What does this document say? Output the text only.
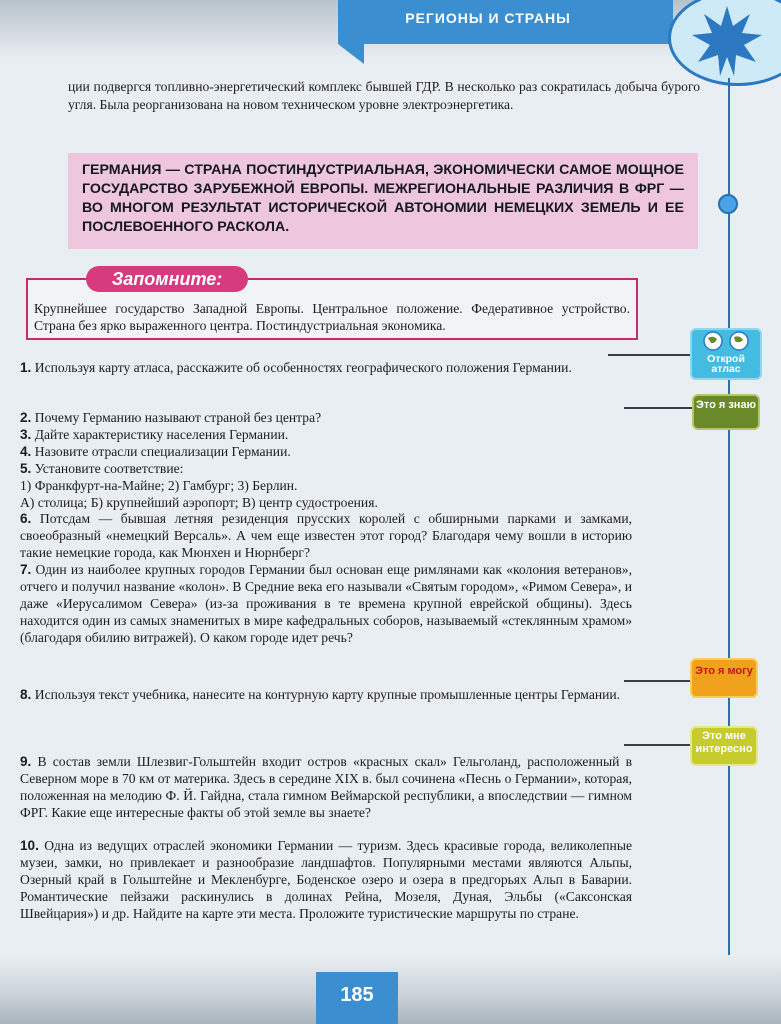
РЕГИОНЫ И СТРАНЫ

ции подвергся топливно-энергетический комплекс бывшей ГДР. В несколько раз сократилась добыча бурого угля. Была реорганизована на новом техническом уровне электроэнергетика.

ГЕРМАНИЯ — СТРАНА ПОСТИНДУСТРИАЛЬНАЯ, ЭКОНОМИЧЕСКИ САМОЕ МОЩНОЕ ГОСУДАРСТВО ЗАРУБЕЖНОЙ ЕВРОПЫ. МЕЖРЕГИОНАЛЬНЫЕ РАЗЛИЧИЯ В ФРГ — ВО МНОГОМ РЕЗУЛЬТАТ ИСТОРИЧЕСКОЙ АВТОНОМИИ НЕМЕЦКИХ ЗЕМЕЛЬ И ЕЕ ПОСЛЕВОЕННОГО РАСКОЛА.

Запомните:

Крупнейшее государство Западной Европы. Центральное положение. Федеративное устройство. Страна без ярко выраженного центра. Постиндустриальная экономика.

1. Используя карту атласа, расскажите об особенностях географического положения Германии.

2. Почему Германию называют страной без центра?

3. Дайте характеристику населения Германии.

4. Назовите отрасли специализации Германии.

5. Установите соответствие:
1) Франкфурт-на-Майне; 2) Гамбург; 3) Берлин.
А) столица; Б) крупнейший аэропорт; В) центр судостроения.

6. Потсдам — бывшая летняя резиденция прусских королей с обширными парками и замками, своеобразный «немецкий Версаль». А чем еще известен этот город? Благодаря чему вошли в историю такие немецкие города, как Мюнхен и Нюрнберг?

7. Один из наиболее крупных городов Германии был основан еще римлянами как «колония ветеранов», отчего и получил название «колон». В Средние века его называли «Святым городом», «Римом Севера», и даже «Иерусалимом Севера» (из-за проживания в те времена крупной еврейской общины). Здесь находится один из самых знаменитых в мире кафедральных соборов, называемый «стеклянным храмом» (благодаря обилию витражей). О каком городе идет речь?

8. Используя текст учебника, нанесите на контурную карту крупные промышленные центры Германии.

9. В состав земли Шлезвиг-Гольштейн входит остров «красных скал» Гельголанд, расположенный в Северном море в 70 км от материка. Здесь в середине XIX в. был сочинена «Песнь о Германии», которая, положенная на мелодию Ф. Й. Гайдна, стала гимном Веймарской республики, а впоследствии — гимном ФРГ. Какие еще интересные факты об этой земле вы знаете?

10. Одна из ведущих отраслей экономики Германии — туризм. Здесь красивые города, великолепные музеи, замки, но привлекает и разнообразие ландшафтов. Популярными местами являются Альпы, Озерный край в Гольштейне и Мекленбурге, Боденское озеро и озера в предгорьях Альп в Баварии. Романтические пейзажи раскинулись в долинах Рейна, Мозеля, Дуная, Эльбы («Саксонская Швейцария») и др. Найдите на карте эти места. Проложите туристические маршруты по стране.

Открой атлас
Это я знаю
Это я могу
Это мне интересно
185
